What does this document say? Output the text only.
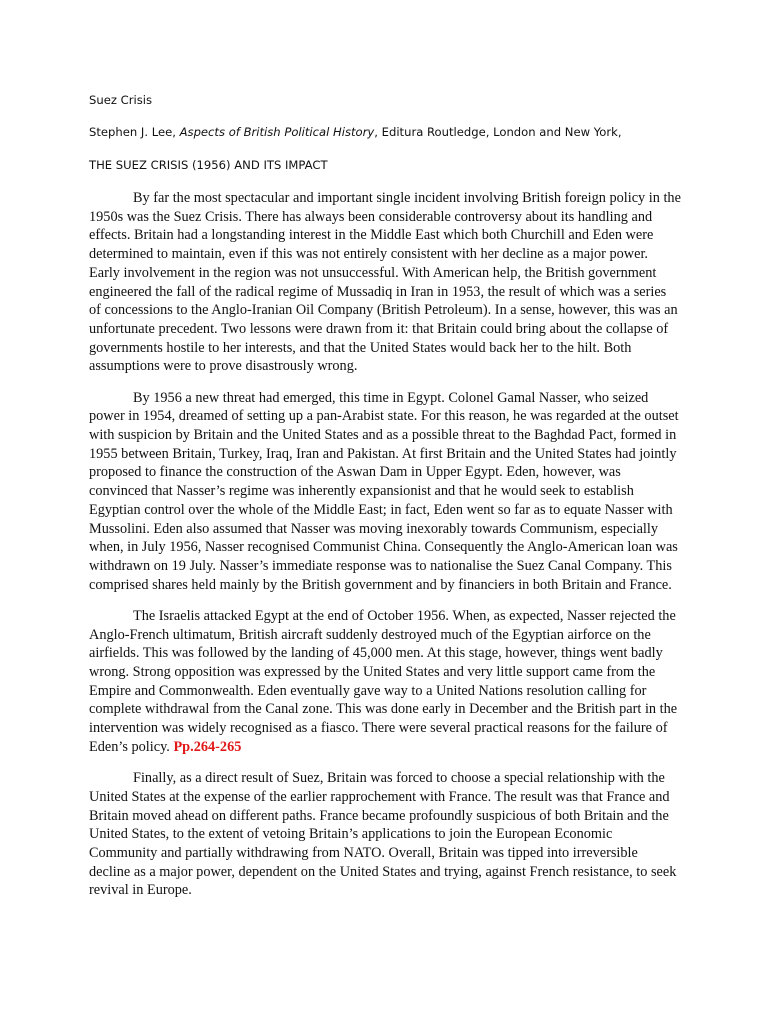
Suez Crisis
Stephen J. Lee, Aspects of British Political History, Editura Routledge, London and New York,
THE SUEZ CRISIS (1956) AND ITS IMPACT

By far the most spectacular and important single incident involving British foreign policy in the 1950s was the Suez Crisis. There has always been considerable controversy about its handling and effects. Britain had a longstanding interest in the Middle East which both Churchill and Eden were determined to maintain, even if this was not entirely consistent with her decline as a major power. Early involvement in the region was not unsuccessful. With American help, the British government engineered the fall of the radical regime of Mussadiq in Iran in 1953, the result of which was a series of concessions to the Anglo-Iranian Oil Company (British Petroleum). In a sense, however, this was an unfortunate precedent. Two lessons were drawn from it: that Britain could bring about the collapse of governments hostile to her interests, and that the United States would back her to the hilt. Both assumptions were to prove disastrously wrong.

By 1956 a new threat had emerged, this time in Egypt. Colonel Gamal Nasser, who seized power in 1954, dreamed of setting up a pan-Arabist state. For this reason, he was regarded at the outset with suspicion by Britain and the United States and as a possible threat to the Baghdad Pact, formed in 1955 between Britain, Turkey, Iraq, Iran and Pakistan. At first Britain and the United States had jointly proposed to finance the construction of the Aswan Dam in Upper Egypt. Eden, however, was convinced that Nasser’s regime was inherently expansionist and that he would seek to establish Egyptian control over the whole of the Middle East; in fact, Eden went so far as to equate Nasser with Mussolini. Eden also assumed that Nasser was moving inexorably towards Communism, especially when, in July 1956, Nasser recognised Communist China. Consequently the Anglo-American loan was withdrawn on 19 July. Nasser’s immediate response was to nationalise the Suez Canal Company. This comprised shares held mainly by the British government and by financiers in both Britain and France.

The Israelis attacked Egypt at the end of October 1956. When, as expected, Nasser rejected the Anglo-French ultimatum, British aircraft suddenly destroyed much of the Egyptian airforce on the airfields. This was followed by the landing of 45,000 men. At this stage, however, things went badly wrong. Strong opposition was expressed by the United States and very little support came from the Empire and Commonwealth. Eden eventually gave way to a United Nations resolution calling for complete withdrawal from the Canal zone. This was done early in December and the British part in the intervention was widely recognised as a fiasco. There were several practical reasons for the failure of Eden’s policy. Pp.264-265

Finally, as a direct result of Suez, Britain was forced to choose a special relationship with the United States at the expense of the earlier rapprochement with France. The result was that France and Britain moved ahead on different paths. France became profoundly suspicious of both Britain and the United States, to the extent of vetoing Britain’s applications to join the European Economic Community and partially withdrawing from NATO. Overall, Britain was tipped into irreversible decline as a major power, dependent on the United States and trying, against French resistance, to seek revival in Europe.
